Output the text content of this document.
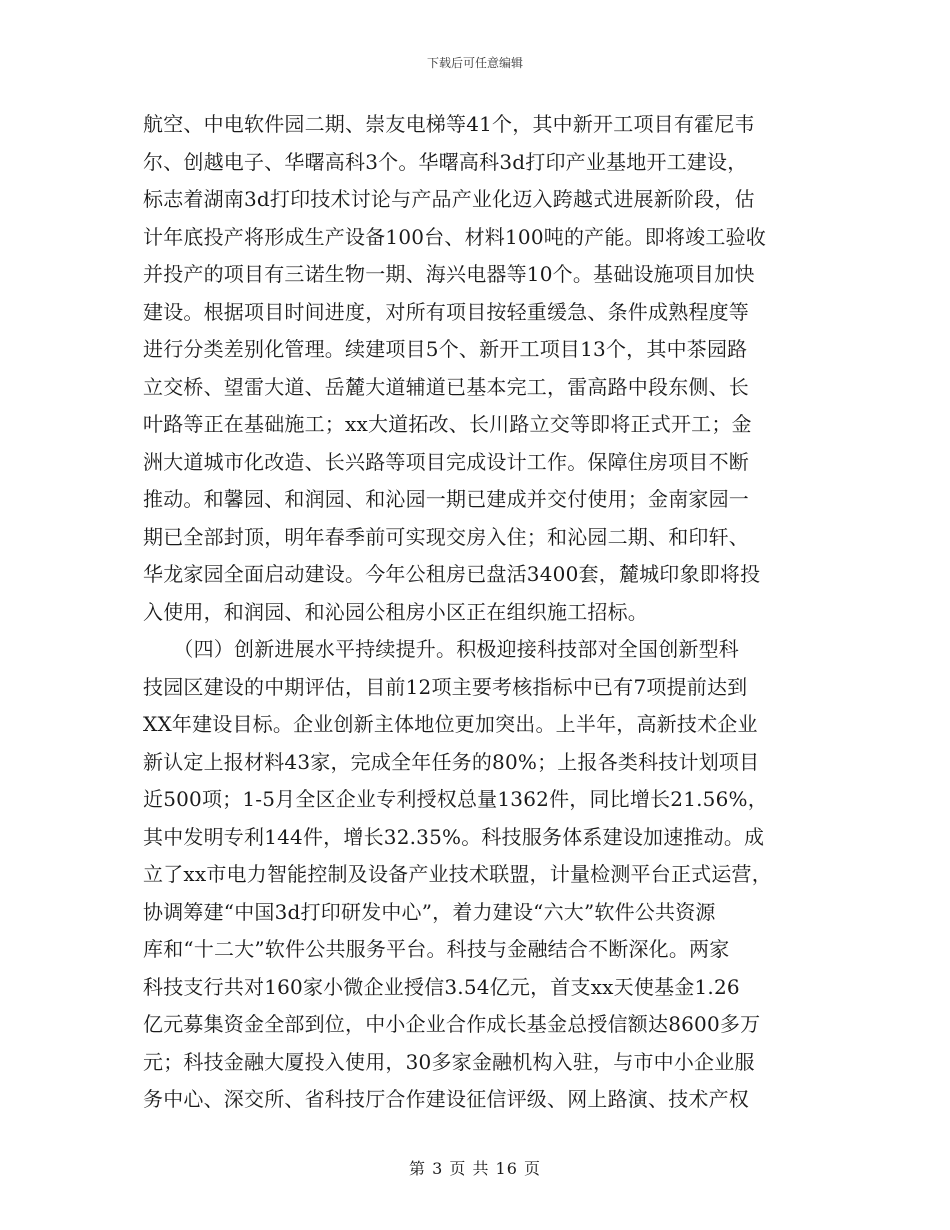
下载后可任意编辑
航空、中电软件园二期、崇友电梯等41个，其中新开工项目有霍尼韦
尔、创越电子、华曙高科3个。华曙高科3d打印产业基地开工建设，
标志着湖南3d打印技术讨论与产品产业化迈入跨越式进展新阶段，估
计年底投产将形成生产设备100台、材料100吨的产能。即将竣工验收
并投产的项目有三诺生物一期、海兴电器等10个。基础设施项目加快
建设。根据项目时间进度，对所有项目按轻重缓急、条件成熟程度等
进行分类差别化管理。续建项目5个、新开工项目13个，其中茶园路
立交桥、望雷大道、岳麓大道辅道已基本完工，雷高路中段东侧、长
叶路等正在基础施工；xx大道拓改、长川路立交等即将正式开工；金
洲大道城市化改造、长兴路等项目完成设计工作。保障住房项目不断
推动。和馨园、和润园、和沁园一期已建成并交付使用；金南家园一
期已全部封顶，明年春季前可实现交房入住；和沁园二期、和印轩、
华龙家园全面启动建设。今年公租房已盘活3400套，麓城印象即将投
入使用，和润园、和沁园公租房小区正在组织施工招标。
　　（四）创新进展水平持续提升。积极迎接科技部对全国创新型科
技园区建设的中期评估，目前12项主要考核指标中已有7项提前达到
XX年建设目标。企业创新主体地位更加突出。上半年，高新技术企业
新认定上报材料43家，完成全年任务的80%；上报各类科技计划项目
近500项；1-5月全区企业专利授权总量1362件，同比增长21.56%，
其中发明专利144件，增长32.35%。科技服务体系建设加速推动。成
立了xx市电力智能控制及设备产业技术联盟，计量检测平台正式运营，
协调筹建“中国3d打印研发中心”，着力建设“六大”软件公共资源
库和“十二大”软件公共服务平台。科技与金融结合不断深化。两家
科技支行共对160家小微企业授信3.54亿元，首支xx天使基金1.26
亿元募集资金全部到位，中小企业合作成长基金总授信额达8600多万
元；科技金融大厦投入使用，30多家金融机构入驻，与市中小企业服
务中心、深交所、省科技厅合作建设征信评级、网上路演、技术产权
第 3 页 共 16 页
